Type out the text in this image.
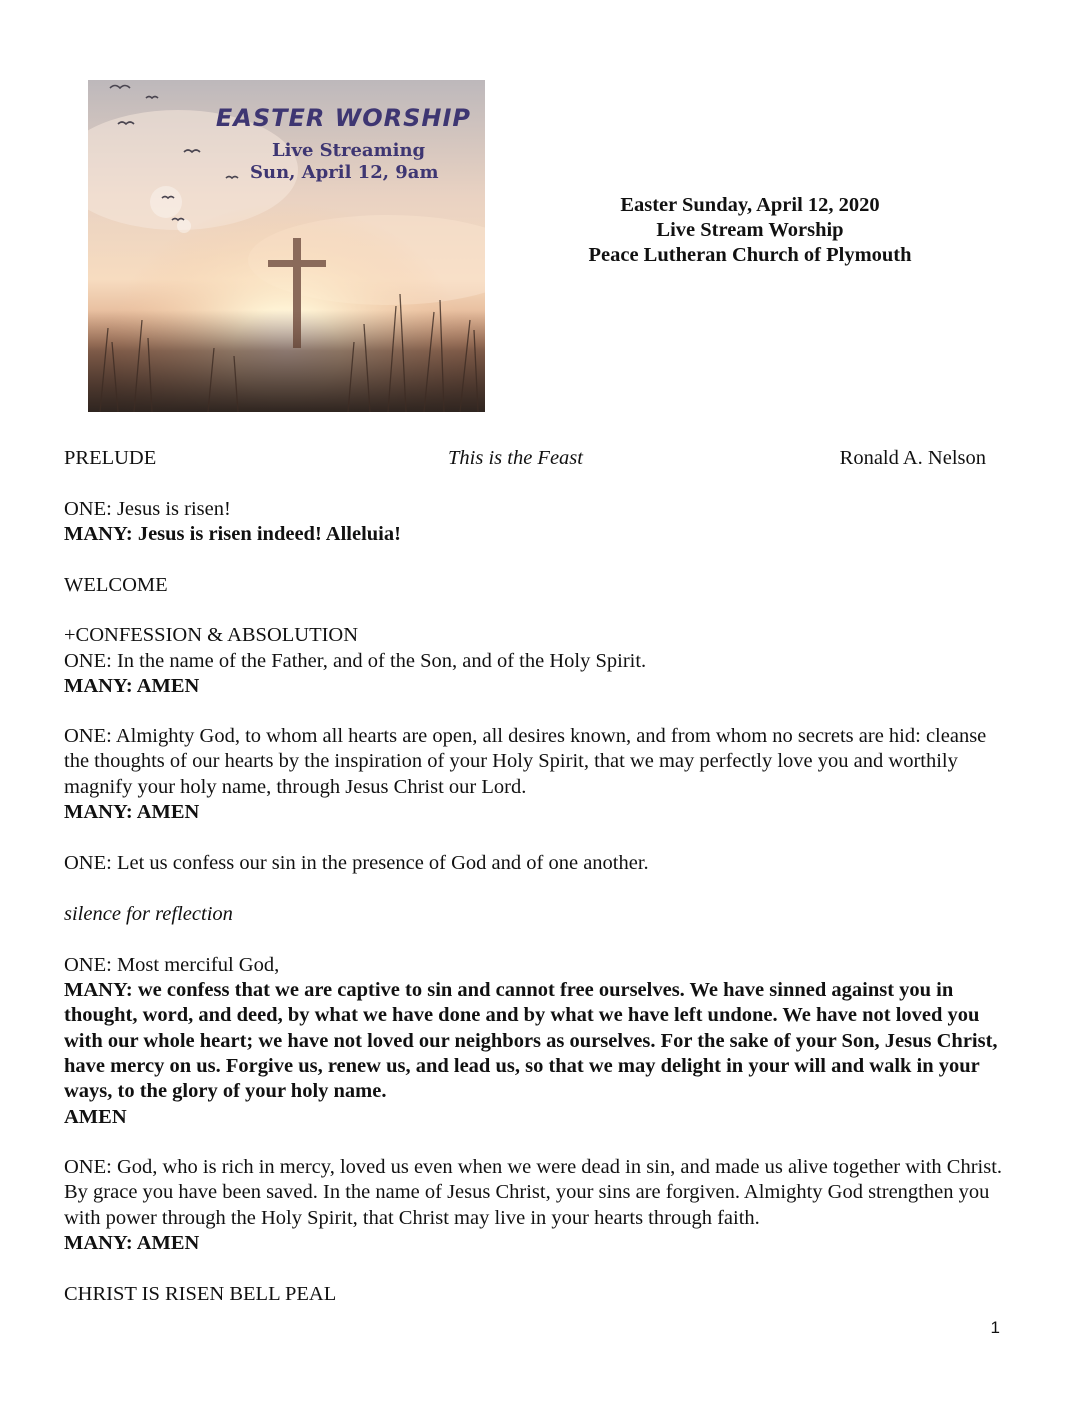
EASTER WORSHIP
Live Streaming
Sun, April 12, 9am
Easter Sunday, April 12, 2020
Live Stream Worship
Peace Lutheran Church of Plymouth
PRELUDE	This is the Feast	Ronald A. Nelson
ONE: Jesus is risen!
MANY: Jesus is risen indeed! Alleluia!
WELCOME
+CONFESSION & ABSOLUTION
ONE: In the name of the Father, and of the Son, and of the Holy Spirit.
MANY: AMEN
ONE: Almighty God, to whom all hearts are open, all desires known, and from whom no secrets are hid: cleanse the thoughts of our hearts by the inspiration of your Holy Spirit, that we may perfectly love you and worthily magnify your holy name, through Jesus Christ our Lord.
MANY: AMEN
ONE: Let us confess our sin in the presence of God and of one another.
silence for reflection
ONE: Most merciful God,
MANY: we confess that we are captive to sin and cannot free ourselves. We have sinned against you in thought, word, and deed, by what we have done and by what we have left undone. We have not loved you with our whole heart; we have not loved our neighbors as ourselves. For the sake of your Son, Jesus Christ, have mercy on us. Forgive us, renew us, and lead us, so that we may delight in your will and walk in your ways, to the glory of your holy name.
AMEN
ONE: God, who is rich in mercy, loved us even when we were dead in sin, and made us alive together with Christ. By grace you have been saved. In the name of Jesus Christ, your sins are forgiven. Almighty God strengthen you with power through the Holy Spirit, that Christ may live in your hearts through faith.
MANY: AMEN
CHRIST IS RISEN BELL PEAL
1
